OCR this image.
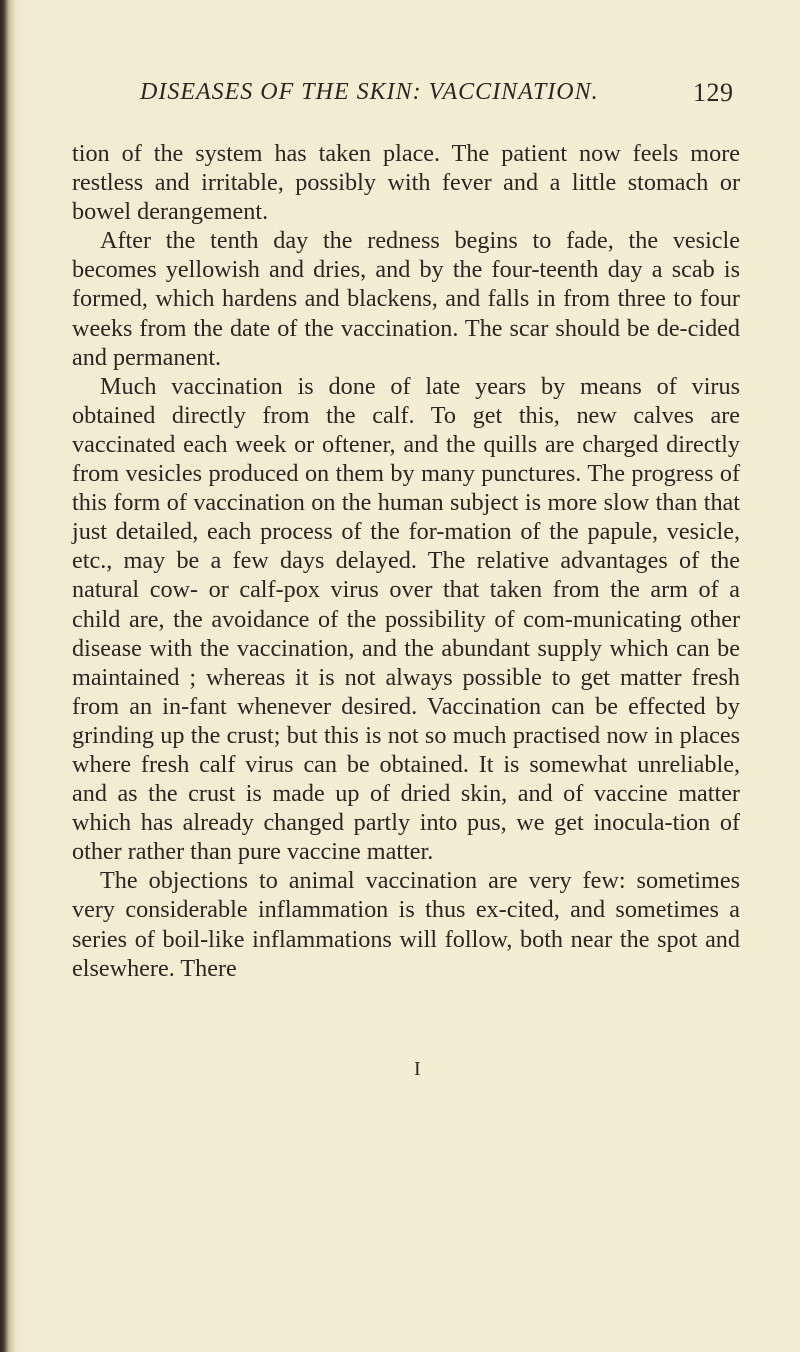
DISEASES OF THE SKIN: VACCINATION.	129

tion of the system has taken place. The patient now feels more restless and irritable, possibly with fever and a little stomach or bowel derangement.

After the tenth day the redness begins to fade, the vesicle becomes yellowish and dries, and by the four-teenth day a scab is formed, which hardens and blackens, and falls in from three to four weeks from the date of the vaccination. The scar should be de-cided and permanent.

Much vaccination is done of late years by means of virus obtained directly from the calf. To get this, new calves are vaccinated each week or oftener, and the quills are charged directly from vesicles produced on them by many punctures. The progress of this form of vaccination on the human subject is more slow than that just detailed, each process of the for-mation of the papule, vesicle, etc., may be a few days delayed. The relative advantages of the natural cow- or calf-pox virus over that taken from the arm of a child are, the avoidance of the possibility of com-municating other disease with the vaccination, and the abundant supply which can be maintained ; whereas it is not always possible to get matter fresh from an in-fant whenever desired. Vaccination can be effected by grinding up the crust; but this is not so much practised now in places where fresh calf virus can be obtained. It is somewhat unreliable, and as the crust is made up of dried skin, and of vaccine matter which has already changed partly into pus, we get inocula-tion of other rather than pure vaccine matter.

The objections to animal vaccination are very few: sometimes very considerable inflammation is thus ex-cited, and sometimes a series of boil-like inflammations will follow, both near the spot and elsewhere. There

I
